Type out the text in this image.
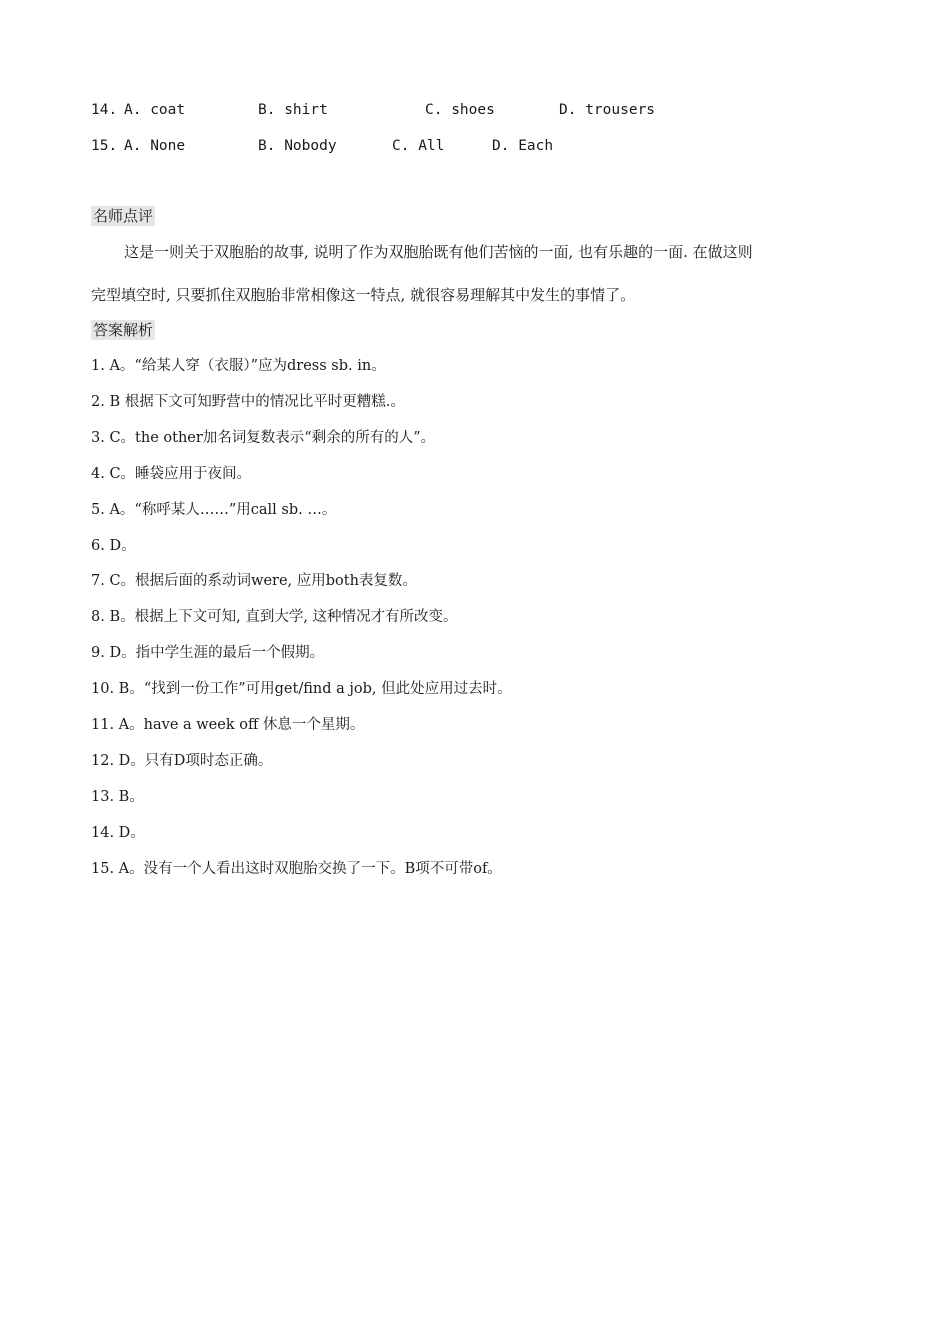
14. A. coat	B. shirt	C. shoes	D. trousers
15. A. None	B. Nobody	C. All	D. Each
名师点评
这是一则关于双胞胎的故事, 说明了作为双胞胎既有他们苦恼的一面, 也有乐趣的一面. 在做这则
完型填空时, 只要抓住双胞胎非常相像这一特点, 就很容易理解其中发生的事情了。
答案解析
1. A。“给某人穿（衣服）”应为dress sb. in。
2. B 根据下文可知野营中的情况比平时更糟糕.。
3. C。the other加名词复数表示“剩余的所有的人”。
4. C。睡袋应用于夜间。
5. A。“称呼某人……”用call sb. …。
6. D。
7. C。根据后面的系动词were, 应用both表复数。
8. B。根据上下文可知, 直到大学, 这种情况才有所改变。
9. D。指中学生涯的最后一个假期。
10. B。“找到一份工作”可用get/find a job, 但此处应用过去时。
11. A。have a week off 休息一个星期。
12. D。只有D项时态正确。
13. B。
14. D。
15. A。没有一个人看出这时双胞胎交换了一下。B项不可带of。
